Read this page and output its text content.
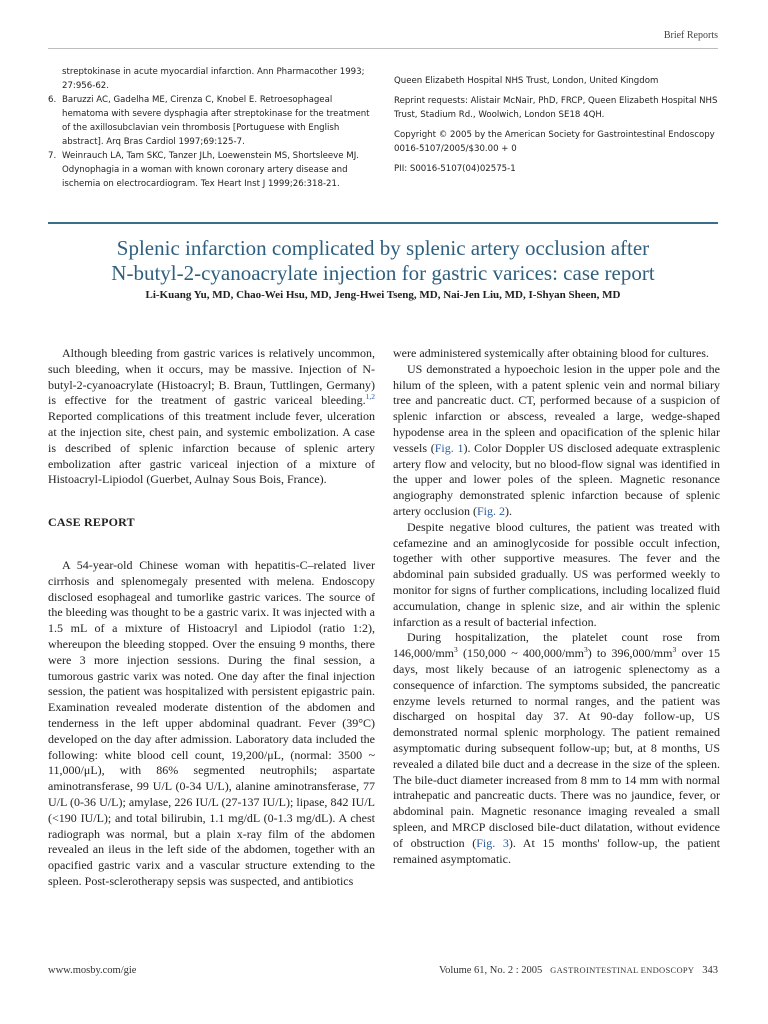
Brief Reports
streptokinase in acute myocardial infarction. Ann Pharmacother 1993; 27:956-62.
6. Baruzzi AC, Gadelha ME, Cirenza C, Knobel E. Retroesophageal hematoma with severe dysphagia after streptokinase for the treatment of the axillosubclavian vein thrombosis [Portuguese with English abstract]. Arq Bras Cardiol 1997;69:125-7.
7. Weinrauch LA, Tam SKC, Tanzer JLh, Loewenstein MS, Shortsleeve MJ. Odynophagia in a woman with known coronary artery disease and ischemia on electrocardiogram. Tex Heart Inst J 1999;26:318-21.

Queen Elizabeth Hospital NHS Trust, London, United Kingdom

Reprint requests: Alistair McNair, PhD, FRCP, Queen Elizabeth Hospital NHS Trust, Stadium Rd., Woolwich, London SE18 4QH.

Copyright © 2005 by the American Society for Gastrointestinal Endoscopy
0016-5107/2005/$30.00 + 0

PII: S0016-5107(04)02575-1

Splenic infarction complicated by splenic artery occlusion after
N-butyl-2-cyanoacrylate injection for gastric varices: case report
Li-Kuang Yu, MD, Chao-Wei Hsu, MD, Jeng-Hwei Tseng, MD, Nai-Jen Liu, MD, I-Shyan Sheen, MD

Although bleeding from gastric varices is relatively uncommon, such bleeding, when it occurs, may be massive. Injection of N-butyl-2-cyanoacrylate (Histoacryl; B. Braun, Tuttlingen, Germany) is effective for the treatment of gastric variceal bleeding.$^{1,2}$ Reported complications of this treatment include fever, ulceration at the injection site, chest pain, and systemic embolization. A case is described of splenic infarction because of splenic artery embolization after gastric variceal injection of a mixture of Histoacryl-Lipiodol (Guerbet, Aulnay Sous Bois, France).

CASE REPORT

A 54-year-old Chinese woman with hepatitis-C–related liver cirrhosis and splenomegaly presented with melena. Endoscopy disclosed esophageal and tumorlike gastric varices. The source of the bleeding was thought to be a gastric varix. It was injected with a 1.5 mL of a mixture of Histoacryl and Lipiodol (ratio 1:2), whereupon the bleeding stopped. Over the ensuing 9 months, there were 3 more injection sessions. During the final session, a tumorous gastric varix was noted. One day after the final injection session, the patient was hospitalized with persistent epigastric pain. Examination revealed moderate distention of the abdomen and tenderness in the left upper abdominal quadrant. Fever (39°C) developed on the day after admission. Laboratory data included the following: white blood cell count, 19,200/μL, (normal: 3500 ~ 11,000/μL), with 86% segmented neutrophils; aspartate aminotransferase, 99 U/L (0-34 U/L), alanine aminotransferase, 77 U/L (0-36 U/L); amylase, 226 IU/L (27-137 IU/L); lipase, 842 IU/L (<190 IU/L); and total bilirubin, 1.1 mg/dL (0-1.3 mg/dL). A chest radiograph was normal, but a plain x-ray film of the abdomen revealed an ileus in the left side of the abdomen, together with an opacified gastric varix and a vascular structure extending to the spleen. Post-sclerotherapy sepsis was suspected, and antibiotics

were administered systemically after obtaining blood for cultures.

US demonstrated a hypoechoic lesion in the upper pole and the hilum of the spleen, with a patent splenic vein and normal biliary tree and pancreatic duct. CT, performed because of a suspicion of splenic infarction or abscess, revealed a large, wedge-shaped hypodense area in the spleen and opacification of the splenic hilar vessels (Fig. 1). Color Doppler US disclosed adequate extrasplenic artery flow and velocity, but no blood-flow signal was identified in the upper and lower poles of the spleen. Magnetic resonance angiography demonstrated splenic infarction because of splenic artery occlusion (Fig. 2).

Despite negative blood cultures, the patient was treated with cefamezine and an aminoglycoside for possible occult infection, together with other supportive measures. The fever and the abdominal pain subsided gradually. US was performed weekly to monitor for signs of further complications, including localized fluid accumulation, change in splenic size, and air within the splenic infarction as a result of bacterial infection.

During hospitalization, the platelet count rose from $146,000/mm^3$ (150,000 ~ $400,000/mm^3$) to $396,000/mm^3$ over 15 days, most likely because of an iatrogenic splenectomy as a consequence of infarction. The symptoms subsided, the pancreatic enzyme levels returned to normal ranges, and the patient was discharged on hospital day 37. At 90-day follow-up, US demonstrated normal splenic morphology. The patient remained asymptomatic during subsequent follow-up; but, at 8 months, US revealed a dilated bile duct and a decrease in the size of the spleen. The bile-duct diameter increased from 8 mm to 14 mm with normal intrahepatic and pancreatic ducts. There was no jaundice, fever, or abdominal pain. Magnetic resonance imaging revealed a small spleen, and MRCP disclosed bile-duct dilatation, without evidence of obstruction (Fig. 3). At 15 months' follow-up, the patient remained asymptomatic.

www.mosby.com/gie	Volume 61, No. 2 : 2005 GASTROINTESTINAL ENDOSCOPY 343
